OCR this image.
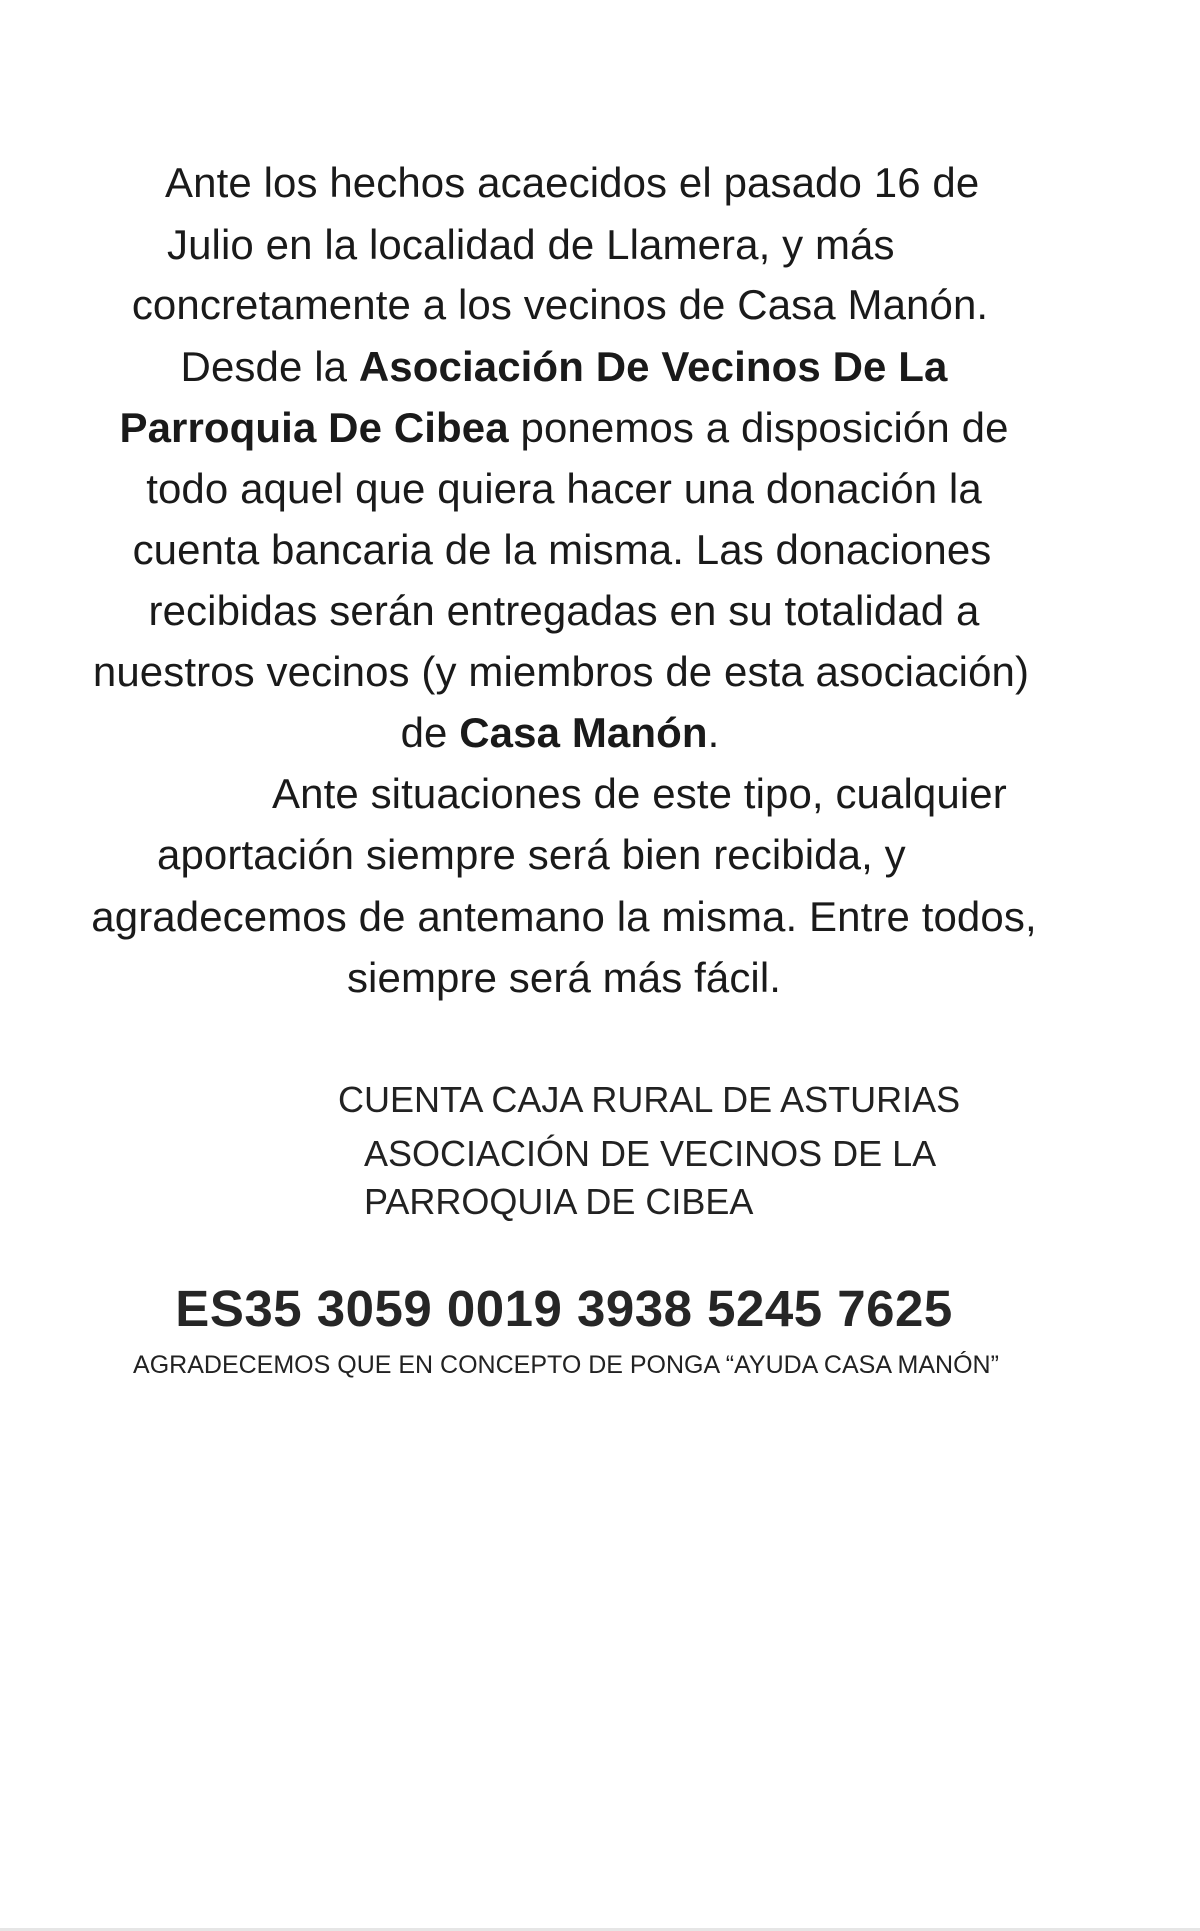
Ante los hechos acaecidos el pasado 16 de
Julio en la localidad de Llamera, y más
concretamente a los vecinos de Casa Manón.
Desde la Asociación De Vecinos De La
Parroquia De Cibea ponemos a disposición de
todo aquel que quiera hacer una donación la
cuenta bancaria de la misma. Las donaciones
recibidas serán entregadas en su totalidad a
nuestros vecinos (y miembros de esta asociación)
de Casa Manón.
Ante situaciones de este tipo, cualquier
aportación siempre será bien recibida, y
agradecemos de antemano la misma. Entre todos,
siempre será más fácil.
CUENTA CAJA RURAL DE ASTURIAS
ASOCIACIÓN DE VECINOS DE LA
PARROQUIA DE CIBEA
ES35 3059 0019 3938 5245 7625
AGRADECEMOS QUE EN CONCEPTO DE PONGA “AYUDA CASA MANÓN”
